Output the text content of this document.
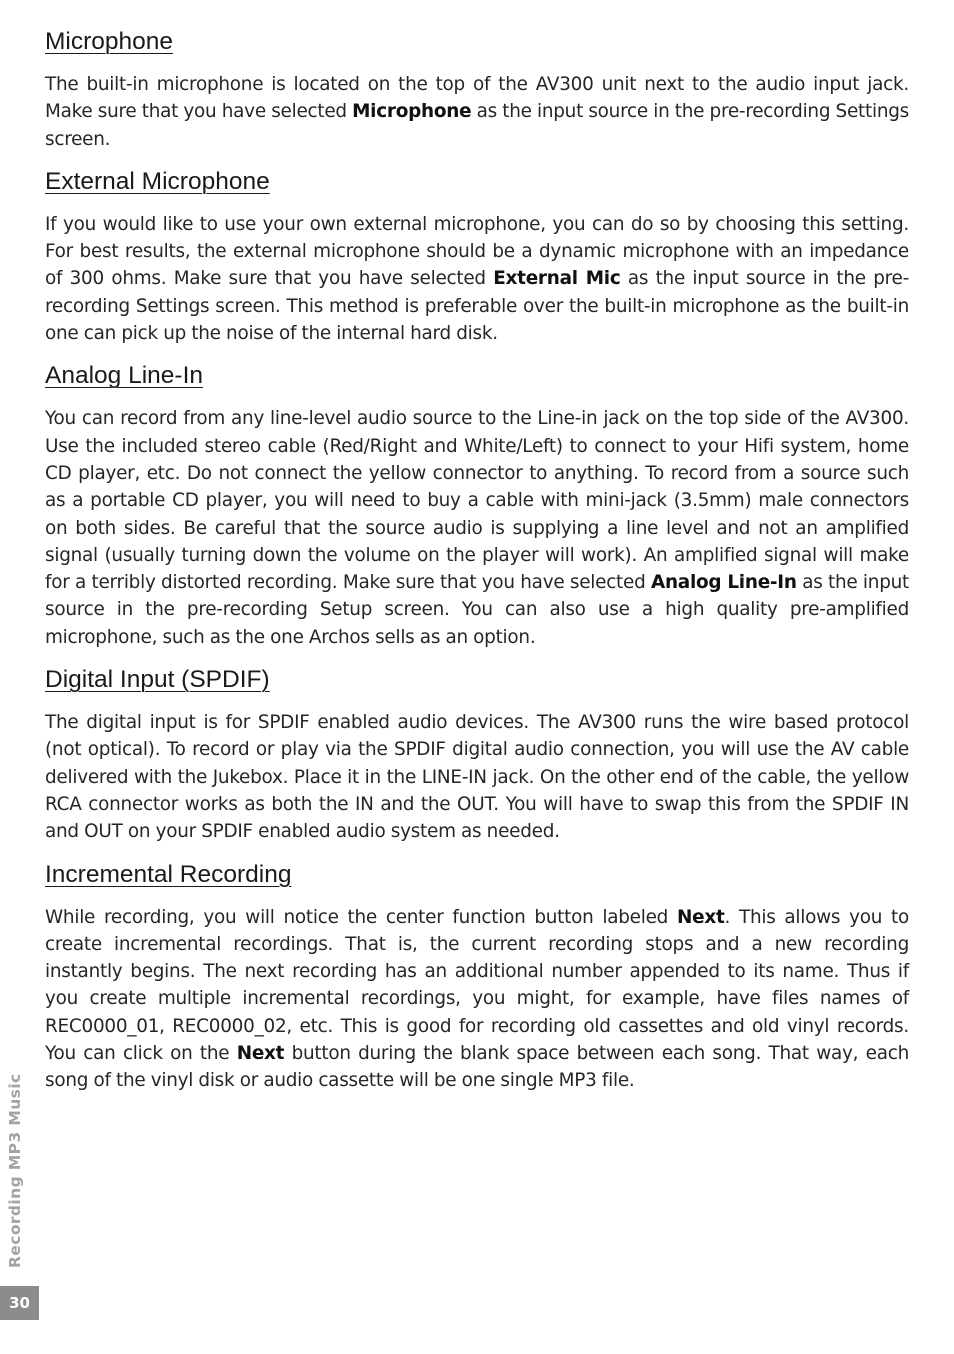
Microphone

The built-in microphone is located on the top of the AV300 unit next to the audio input jack. Make sure that you have selected Microphone as the input source in the pre-recording Settings screen.

External Microphone

If you would like to use your own external microphone, you can do so by choosing this setting. For best results, the external microphone should be a dynamic microphone with an impedance of 300 ohms. Make sure that you have selected External Mic as the input source in the pre-recording Settings screen. This method is preferable over the built-in microphone as the built-in one can pick up the noise of the internal hard disk.

Analog Line-In

You can record from any line-level audio source to the Line-in jack on the top side of the AV300. Use the included stereo cable (Red/Right and White/Left) to connect to your Hifi system, home CD player, etc. Do not connect the yellow connector to anything. To record from a source such as a portable CD player, you will need to buy a cable with mini-jack (3.5mm) male connectors on both sides. Be careful that the source audio is supplying a line level and not an amplified signal (usually turning down the volume on the player will work). An amplified signal will make for a terribly distorted recording. Make sure that you have selected Analog Line-In as the input source in the pre-recording Setup screen. You can also use a high quality pre-amplified microphone, such as the one Archos sells as an option.

Digital Input (SPDIF)

The digital input is for SPDIF enabled audio devices. The AV300 runs the wire based protocol (not optical). To record or play via the SPDIF digital audio connection, you will use the AV cable delivered with the Jukebox. Place it in the LINE-IN jack. On the other end of the cable, the yellow RCA connector works as both the IN and the OUT. You will have to swap this from the SPDIF IN and OUT on your SPDIF enabled audio system as needed.

Incremental Recording

While recording, you will notice the center function button labeled Next. This allows you to create incremental recordings. That is, the current recording stops and a new recording instantly begins. The next recording has an additional number appended to its name. Thus if you create multiple incremental recordings, you might, for example, have files names of REC0000_01, REC0000_02, etc. This is good for recording old cassettes and old vinyl records. You can click on the Next button during the blank space between each song. That way, each song of the vinyl disk or audio cassette will be one single MP3 file.

Recording MP3 Music
30
